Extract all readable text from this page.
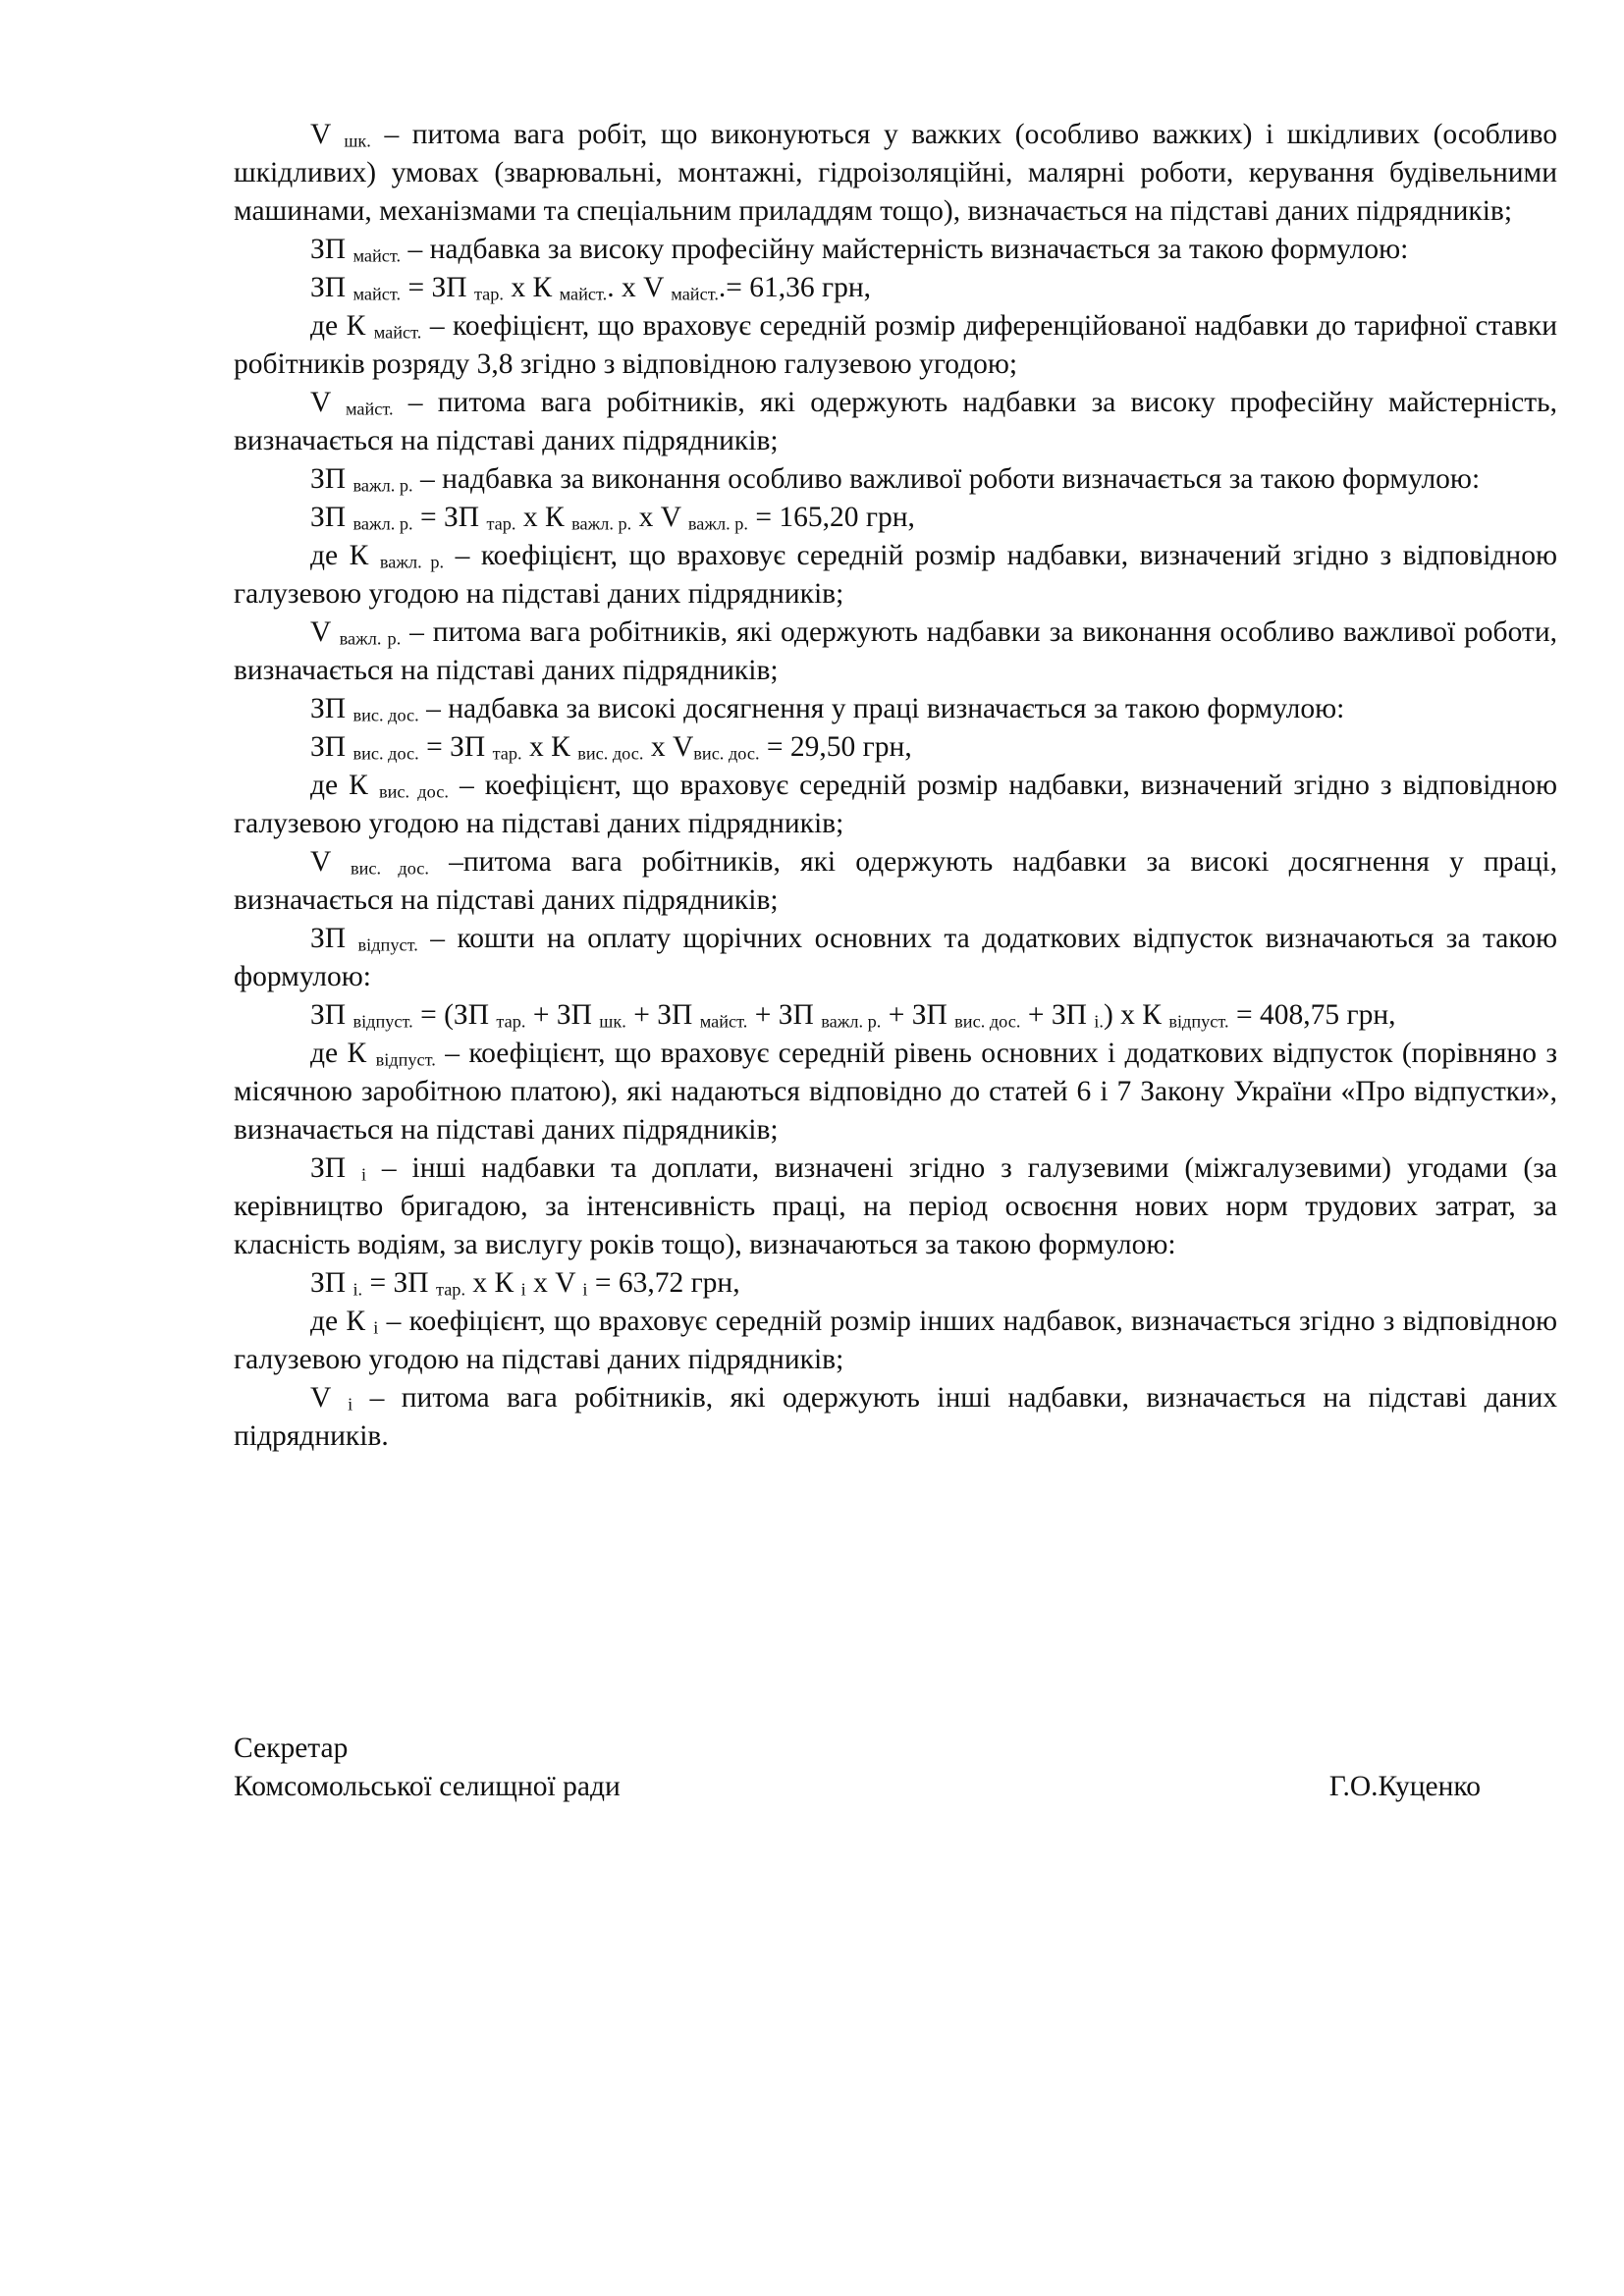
V $_{шк.}$ – питома вага робіт, що виконуються у важких (особливо важких) і шкідливих (особливо шкідливих) умовах (зварювальні, монтажні, гідроізоляційні, малярні роботи, керування будівельними машинами, механізмами та спеціальним приладдям тощо), визначається на підставі даних підрядників;

ЗП $_{майст.}$ – надбавка за високу професійну майстерність визначається за такою формулою:

ЗП $_{майст.}$ = ЗП $_{тар.}$ х К $_{майст.}$. х V $_{майст.}$.= 61,36 грн,

де К $_{майст.}$ – коефіцієнт, що враховує середній розмір диференційованої надбавки до тарифної ставки робітників розряду 3,8 згідно з відповідною галузевою угодою;

V $_{майст.}$ – питома вага робітників, які одержують надбавки за високу професійну майстерність, визначається на підставі даних підрядників;

ЗП $_{важл. р.}$ – надбавка за виконання особливо важливої роботи визначається за такою формулою:

ЗП $_{важл. р.}$ = ЗП $_{тар.}$ х К $_{важл. р.}$ х V $_{важл. р.}$ = 165,20 грн,

де К $_{важл. р.}$ – коефіцієнт, що враховує середній розмір надбавки, визначений згідно з відповідною галузевою угодою на підставі даних підрядників;

V $_{важл. р.}$ – питома вага робітників, які одержують надбавки за виконання особливо важливої роботи, визначається на підставі даних підрядників;

ЗП $_{вис. дос.}$ – надбавка за високі досягнення у праці визначається за такою формулою:

ЗП $_{вис. дос.}$ = ЗП $_{тар.}$ х К $_{вис. дос.}$ х $V_{вис. дос.} = 29,50$ грн,

де К $_{вис. дос.}$ – коефіцієнт, що враховує середній розмір надбавки, визначений згідно з відповідною галузевою угодою на підставі даних підрядників;

V $_{вис. дос.}$ –питома вага робітників, які одержують надбавки за високі досягнення у праці, визначається на підставі даних підрядників;

ЗП $_{відпуст.}$ – кошти на оплату щорічних основних та додаткових відпусток визначаються за такою формулою:

ЗП $_{відпуст.}$ = (ЗП $_{тар.}$ + ЗП $_{шк.}$ + ЗП $_{майст.}$ + ЗП $_{важл. р.}$ + ЗП $_{вис. дос.}$ + ЗП $_{і.}$) х К $_{відпуст.}$ = 408,75 грн,

де К $_{відпуст.}$ – коефіцієнт, що враховує середній рівень основних і додаткових відпусток (порівняно з місячною заробітною платою), які надаються відповідно до статей 6 і 7 Закону України «Про відпустки», визначається на підставі даних підрядників;

ЗП $_і$ – інші надбавки та доплати, визначені згідно з галузевими (міжгалузевими) угодами (за керівництво бригадою, за інтенсивність праці, на період освоєння нових норм трудових затрат, за класність водіям, за вислугу років тощо), визначаються за такою формулою:

ЗП $_{і.}$ = ЗП $_{тар.}$ х К $_і$ х V $_і$ = 63,72 грн,

де К $_і$ – коефіцієнт, що враховує середній розмір інших надбавок, визначається згідно з відповідною галузевою угодою на підставі даних підрядників;

V $_і$ – питома вага робітників, які одержують інші надбавки, визначається на підставі даних підрядників.

Секретар
Комсомольської селищної ради	Г.О.Куценко
